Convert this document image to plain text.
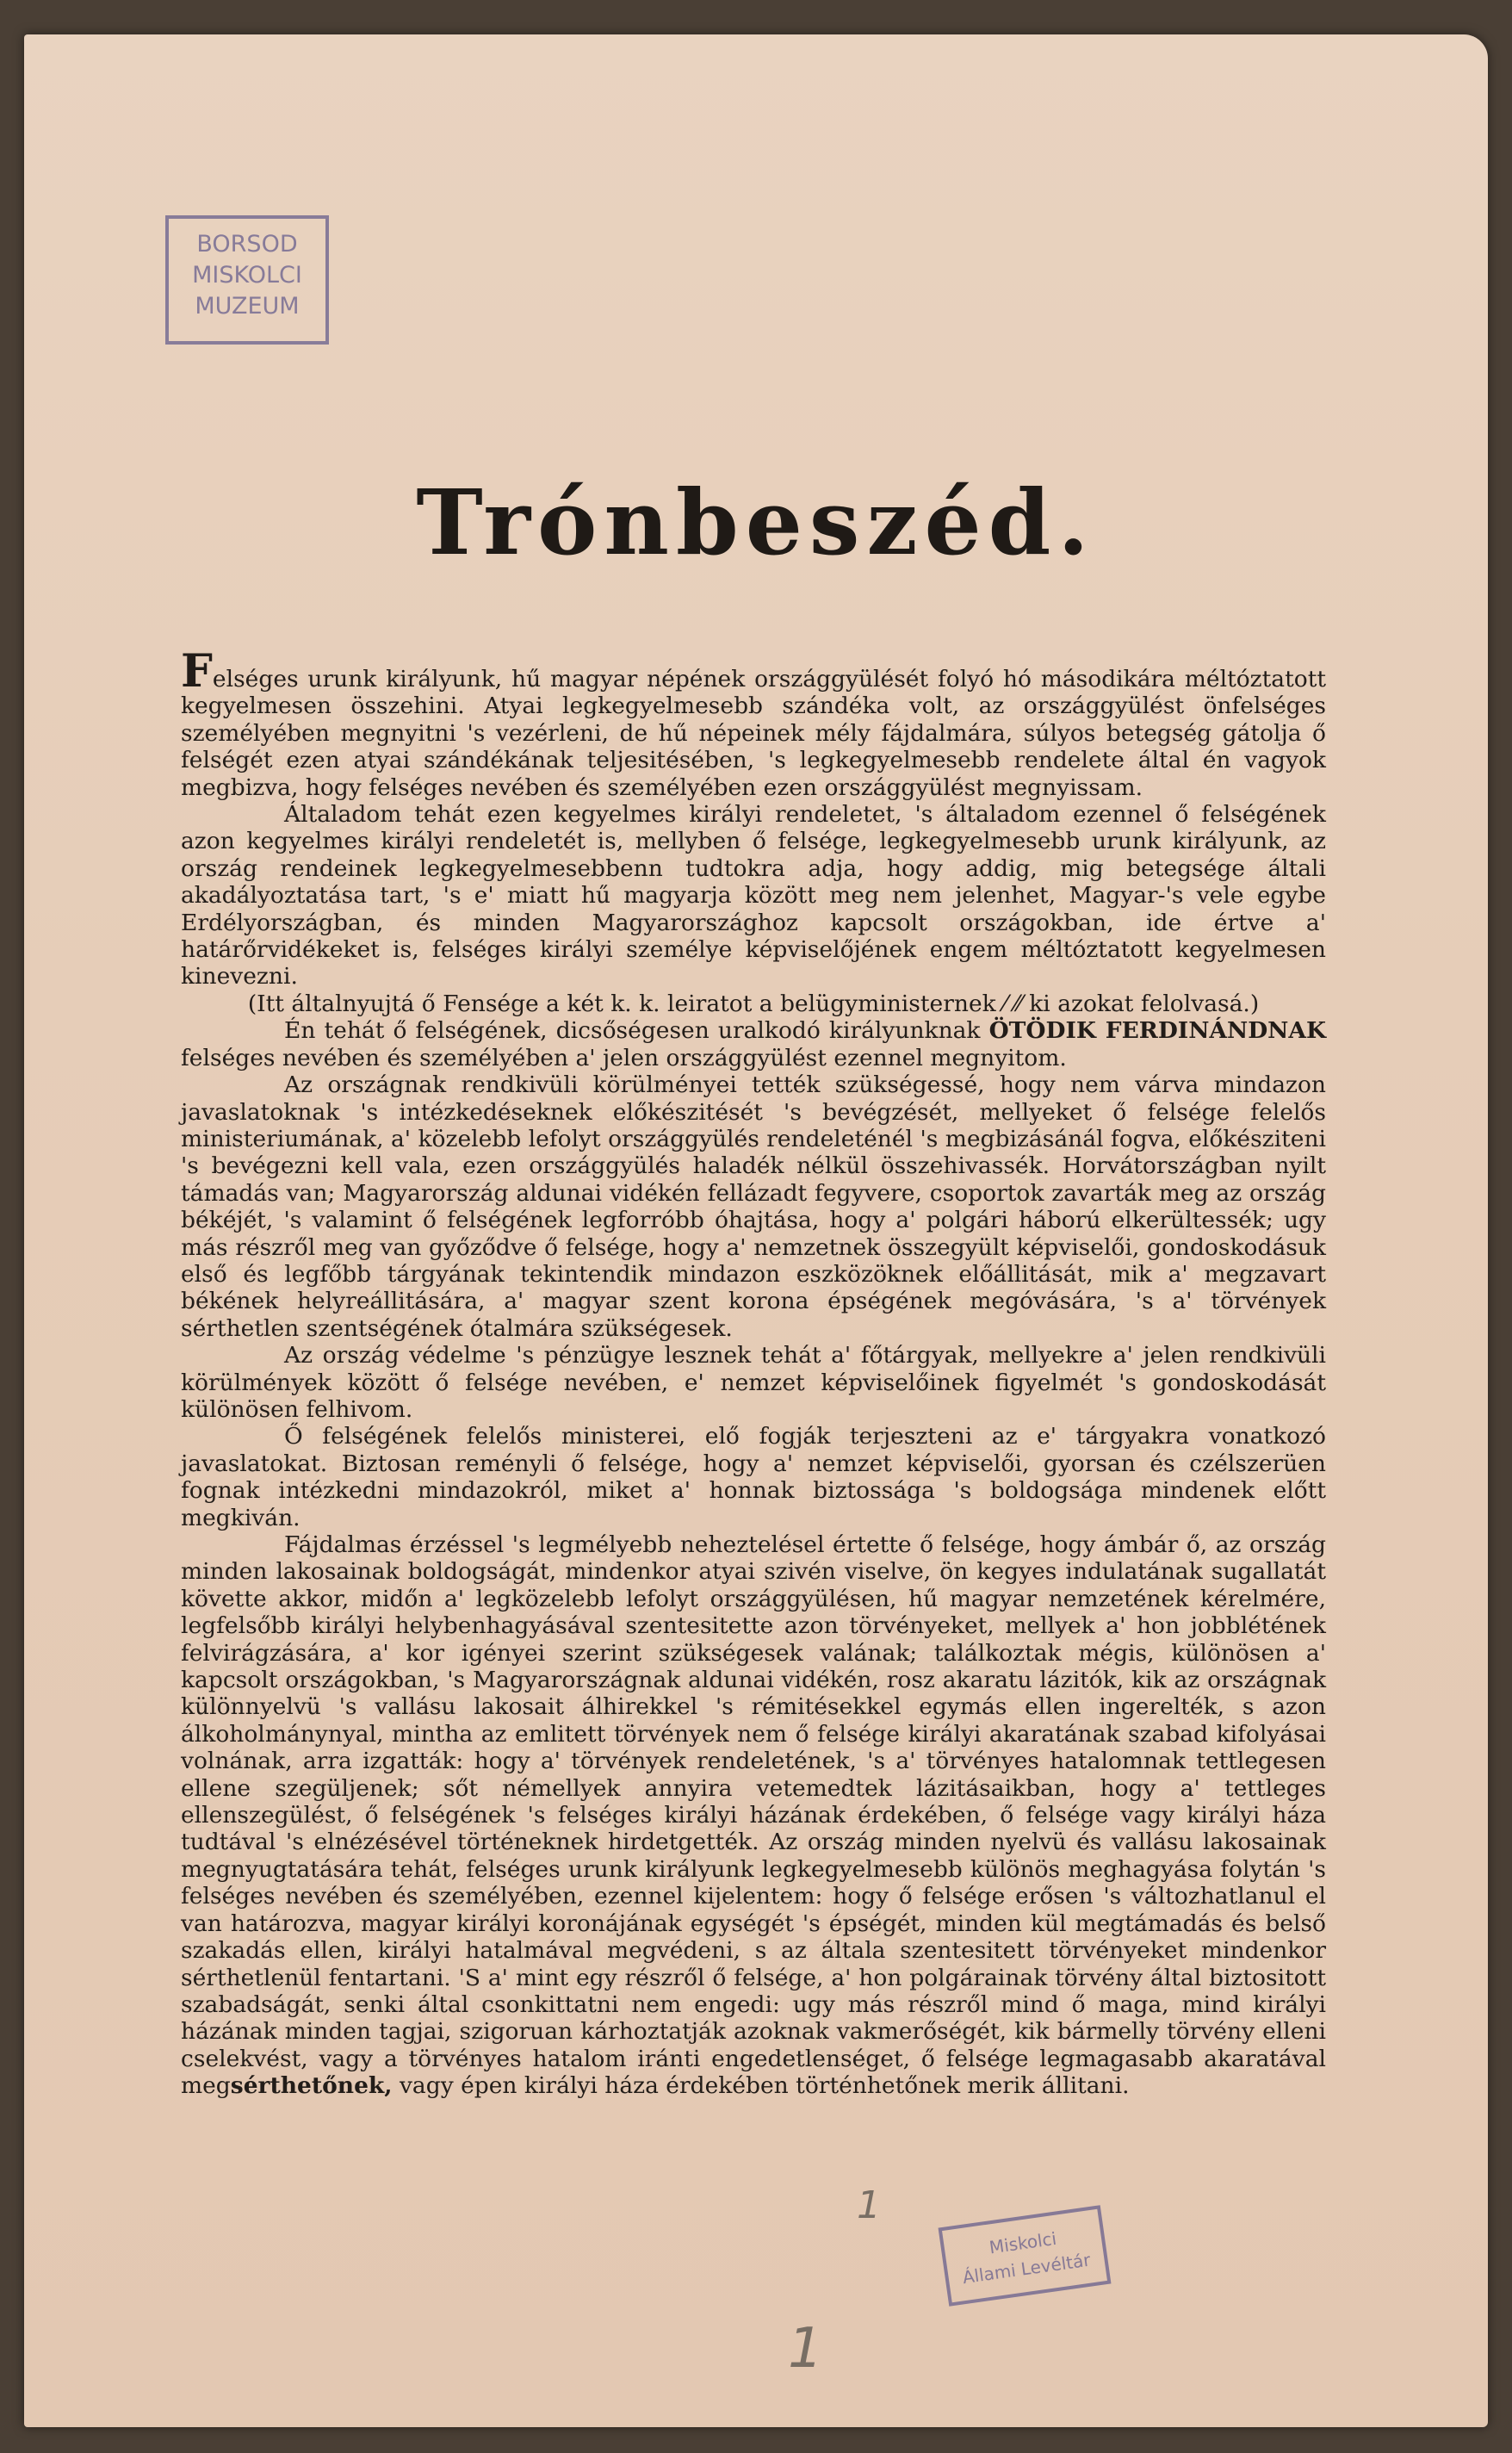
BORSOD
MISKOLCI
MUZEUM
Trónbeszéd.

Felséges urunk királyunk, hű magyar népének országgyülését folyó hó másodikára méltóztatott kegyelmesen összehini. Atyai legkegyelmesebb szándéka volt, az országgyülést önfelséges személyében megnyitni 's vezérleni, de hű népeinek mély fájdalmára, súlyos betegség gátolja ő felségét ezen atyai szándékának teljesitésében, 's legkegyelmesebb rendelete által én vagyok megbizva, hogy felséges nevében és személyében ezen országgyülést megnyissam.

Általadom tehát ezen kegyelmes királyi rendeletet, 's általadom ezennel ő felségének azon kegyelmes királyi rendeletét is, mellyben ő felsége, legkegyelmesebb urunk királyunk, az ország rendeinek legkegyelmesebbenn tudtokra adja, hogy addig, mig betegsége általi akadályoztatása tart, 's e' miatt hű magyarja között meg nem jelenhet, Magyar-'s vele egybe Erdélyországban, és minden Magyarországhoz kapcsolt országokban, ide értve a' határőrvidékeket is, felséges királyi személye képviselőjének engem méltóztatott kegyelmesen kinevezni.

(Itt általnyujtá ő Fensége a két k. k. leiratot a belügyministernek ⁄ ⁄⁄ ki azokat felolvasá.)

Én tehát ő felségének, dicsőségesen uralkodó királyunknak ÖTÖDIK FERDINÁNDNAK felséges nevében és személyében a' jelen országgyülést ezennel megnyitom.

Az országnak rendkivüli körülményei tették szükségessé, hogy nem várva mindazon javaslatoknak 's intézkedéseknek előkészitését 's bevégzését, mellyeket ő felsége felelős ministeriumának, a' közelebb lefolyt országgyülés rendeleténél 's megbizásánál fogva, előkésziteni 's bevégezni kell vala, ezen országgyülés haladék nélkül összehivassék. Horvátországban nyilt támadás van; Magyarország aldunai vidékén fellázadt fegyvere, csoportok zavarták meg az ország békéjét, 's valamint ő felségének legforróbb óhajtása, hogy a' polgári háború elkerültessék; ugy más részről meg van győződve ő felsége, hogy a' nemzetnek összegyült képviselői, gondoskodásuk első és legfőbb tárgyának tekintendik mindazon eszközöknek előállitását, mik a' megzavart békének helyreállitására, a' magyar szent korona épségének megóvására, 's a' törvények sérthetlen szentségének ótalmára szükségesek.

Az ország védelme 's pénzügye lesznek tehát a' főtárgyak, mellyekre a' jelen rendkivüli körülmények között ő felsége nevében, e' nemzet képviselőinek figyelmét 's gondoskodását különösen felhivom.

Ő felségének felelős ministerei, elő fogják terjeszteni az e' tárgyakra vonatkozó javaslatokat. Biztosan reményli ő felsége, hogy a' nemzet képviselői, gyorsan és czélszerüen fognak intézkedni mindazokról, miket a' honnak biztossága 's boldogsága mindenek előtt megkiván.

Fájdalmas érzéssel 's legmélyebb neheztelésel értette ő felsége, hogy ámbár ő, az ország minden lakosainak boldogságát, mindenkor atyai szivén viselve, ön kegyes indulatának sugallatát követte akkor, midőn a' legközelebb lefolyt országgyülésen, hű magyar nemzetének kérelmére, legfelsőbb királyi helybenhagyásával szentesitette azon törvényeket, mellyek a' hon jobblétének felvirágzására, a' kor igényei szerint szükségesek valának; találkoztak mégis, különösen a' kapcsolt országokban, 's Magyarországnak aldunai vidékén, rosz akaratu lázitók, kik az országnak különnyelvü 's vallásu lakosait álhirekkel 's rémitésekkel egymás ellen ingerelték, s azon álkoholmánynyal, mintha az emlitett törvények nem ő felsége királyi akaratának szabad kifolyásai volnának, arra izgatták: hogy a' törvények rendeletének, 's a' törvényes hatalomnak tettlegesen ellene szegüljenek; sőt némellyek annyira vetemedtek lázitásaikban, hogy a' tettleges ellenszegülést, ő felségének 's felséges királyi házának érdekében, ő felsége vagy királyi háza tudtával 's elnézésével történeknek hirdetgették. Az ország minden nyelvü és vallásu lakosainak megnyugtatására tehát, felséges urunk királyunk legkegyelmesebb különös meghagyása folytán 's felséges nevében és személyében, ezennel kijelentem: hogy ő felsége erősen 's változhatlanul el van határozva, magyar királyi koronájának egységét 's épségét, minden kül megtámadás és belső szakadás ellen, királyi hatalmával megvédeni, s az általa szentesitett törvényeket mindenkor sérthetlenül fentartani. 'S a' mint egy részről ő felsége, a' hon polgárainak törvény által biztositott szabadságát, senki által csonkittatni nem engedi: ugy más részről mind ő maga, mind királyi házának minden tagjai, szigoruan kárhoztatják azoknak vakmerőségét, kik bármelly törvény elleni cselekvést, vagy a törvényes hatalom iránti engedetlenséget, ő felsége legmagasabb akaratával megsérthetőnek, vagy épen királyi háza érdekében történhetőnek merik állitani.

1
Miskolci
Állami Levéltár
1
